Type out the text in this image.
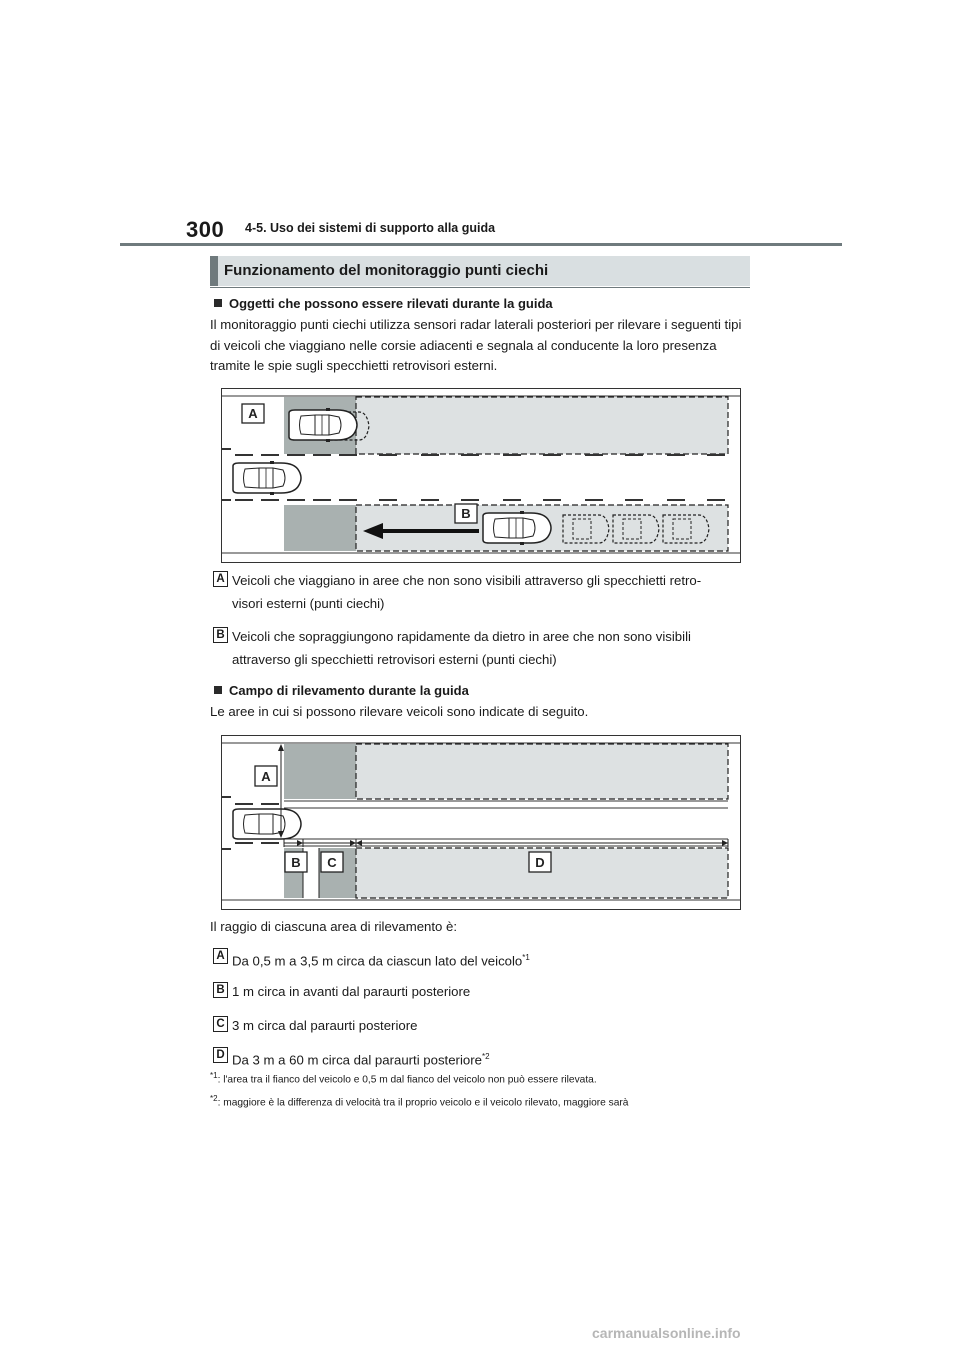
300 4-5. Uso dei sistemi di supporto alla guida
Funzionamento del monitoraggio punti ciechi
Oggetti che possono essere rilevati durante la guida
Il monitoraggio punti ciechi utilizza sensori radar laterali posteriori per rilevare i seguenti tipi di veicoli che viaggiano nelle corsie adiacenti e segnala al conducente la loro presenza tramite le spie sugli specchietti retrovisori esterni.
A
B
A Veicoli che viaggiano in aree che non sono visibili attraverso gli specchietti retro-
visori esterni (punti ciechi)
B Veicoli che sopraggiungono rapidamente da dietro in aree che non sono visibili
attraverso gli specchietti retrovisori esterni (punti ciechi)
Campo di rilevamento durante la guida
Le aree in cui si possono rilevare veicoli sono indicate di seguito.
A
B C	D
Il raggio di ciascuna area di rilevamento è:
A Da 0,5 m a 3,5 m circa da ciascun lato del veicolo$^{*1}$
B 1 m circa in avanti dal paraurti posteriore
C 3 m circa dal paraurti posteriore
D Da 3 m a 60 m circa dal paraurti posteriore$^{*2}$
$^{*1}$: l'area tra il fianco del veicolo e 0,5 m dal fianco del veicolo non può essere rilevata.
$^{*2}$: maggiore è la differenza di velocità tra il proprio veicolo e il veicolo rilevato, maggiore sarà
carmanualsonline.info
